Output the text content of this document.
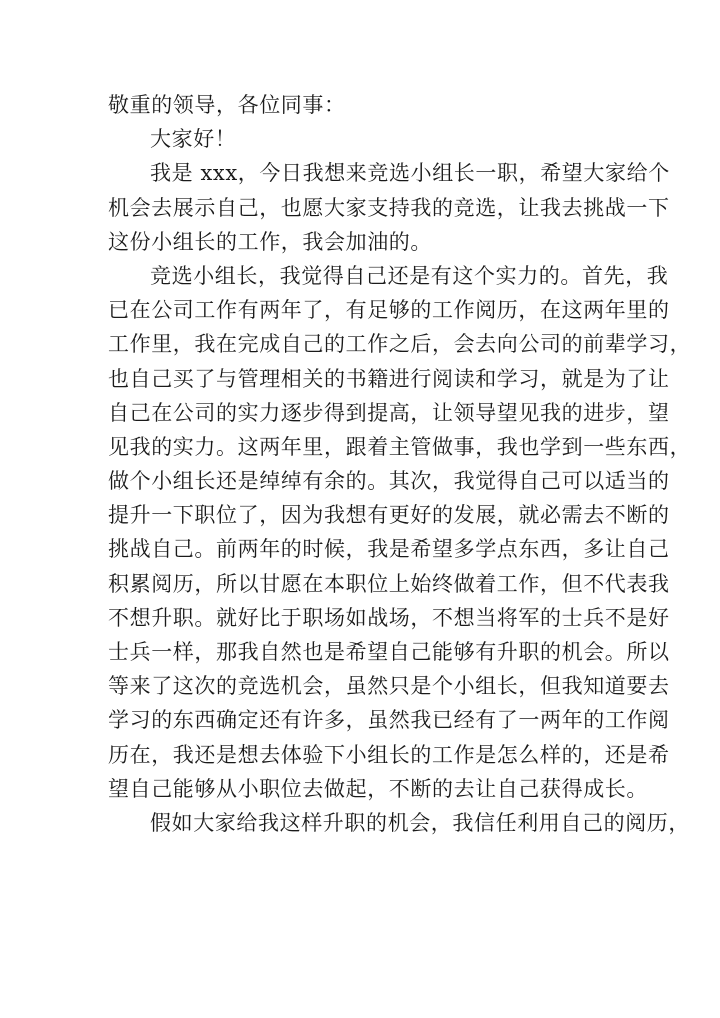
敬重的领导，各位同事：
大家好！
我是 xxx，今日我想来竞选小组长一职，希望大家给个
机会去展示自己，也愿大家支持我的竞选，让我去挑战一下
这份小组长的工作，我会加油的。
竞选小组长，我觉得自己还是有这个实力的。首先，我
已在公司工作有两年了，有足够的工作阅历，在这两年里的
工作里，我在完成自己的工作之后，会去向公司的前辈学习，
也自己买了与管理相关的书籍进行阅读和学习，就是为了让
自己在公司的实力逐步得到提高，让领导望见我的进步，望
见我的实力。这两年里，跟着主管做事，我也学到一些东西，
做个小组长还是绰绰有余的。其次，我觉得自己可以适当的
提升一下职位了，因为我想有更好的发展，就必需去不断的
挑战自己。前两年的时候，我是希望多学点东西，多让自己
积累阅历，所以甘愿在本职位上始终做着工作，但不代表我
不想升职。就好比于职场如战场，不想当将军的士兵不是好
士兵一样，那我自然也是希望自己能够有升职的机会。所以
等来了这次的竞选机会，虽然只是个小组长，但我知道要去
学习的东西确定还有许多，虽然我已经有了一两年的工作阅
历在，我还是想去体验下小组长的工作是怎么样的，还是希
望自己能够从小职位去做起，不断的去让自己获得成长。
假如大家给我这样升职的机会，我信任利用自己的阅历，
